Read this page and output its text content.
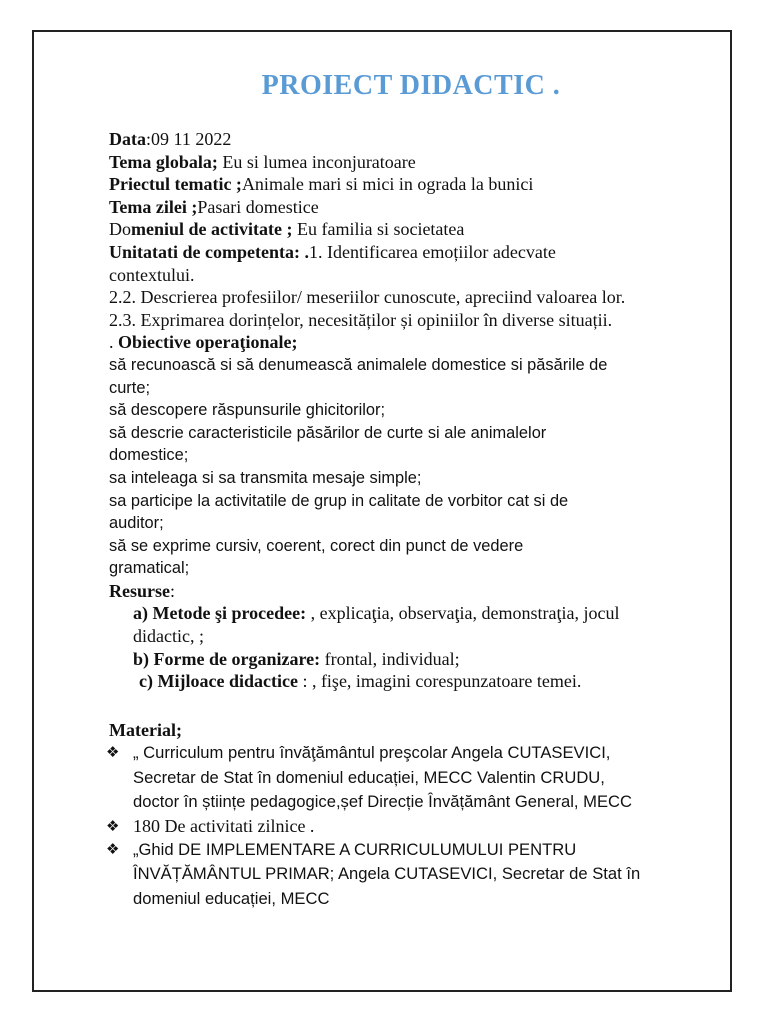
PROIECT DIDACTIC .
Data:09 11 2022
Tema globala; Eu si lumea inconjuratoare
Priectul tematic ;Animale mari si mici in ograda la bunici
Tema zilei ;Pasari domestice
Domeniul de activitate ; Eu familia si societatea
Unitatati de competenta: .1. Identificarea emoțiilor adecvate
contextului.
2.2. Descrierea profesiilor/ meseriilor cunoscute, apreciind valoarea lor.
2.3. Exprimarea dorințelor, necesităților și opiniilor în diverse situații.
. Obiective operaţionale;
să recunoască si să denumească animalele domestice si păsările de
curte;
să descopere răspunsurile ghicitorilor;
să descrie caracteristicile păsărilor de curte si ale animalelor
domestice;
sa inteleaga si sa transmita mesaje simple;
sa participe la activitatile de grup in calitate de vorbitor cat si de
auditor;
să se exprime cursiv, coerent, corect din punct de vedere
gramatical;
Resurse:
a) Metode şi procedee: , explicaţia, observaţia, demonstraţia, jocul
didactic, ;
b) Forme de organizare: frontal, individual;
c) Mijloace didactice : , fişe, imagini corespunzatoare temei.
Material;
❖ „ Curriculum pentru învăţământul preşcolar Angela CUTASEVICI,
Secretar de Stat în domeniul educației, MECC Valentin CRUDU,
doctor în științe pedagogice,șef Direcție Învățământ General, MECC
❖ 180 De activitati zilnice .
❖ „Ghid DE IMPLEMENTARE A CURRICULUMULUI PENTRU
ÎNVĂȚĂMÂNTUL PRIMAR; Angela CUTASEVICI, Secretar de Stat în
domeniul educației, MECC
